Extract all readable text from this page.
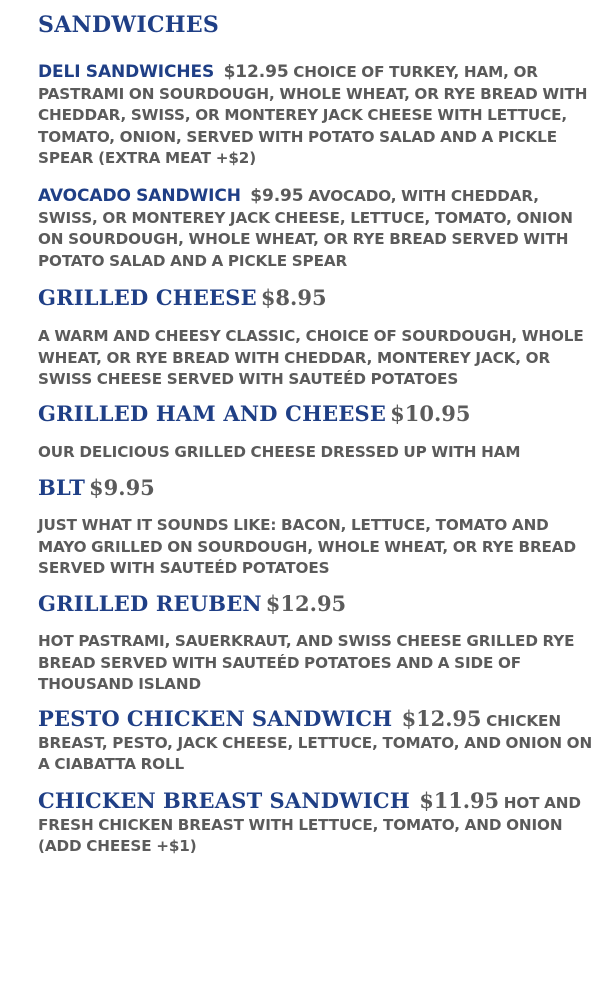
SANDWICHES

DELI SANDWICHES $12.95 CHOICE OF TURKEY, HAM, OR PASTRAMI ON SOURDOUGH, WHOLE WHEAT, OR RYE BREAD WITH CHEDDAR, SWISS, OR MONTEREY JACK CHEESE WITH LETTUCE, TOMATO, ONION, SERVED WITH POTATO SALAD AND A PICKLE SPEAR (EXTRA MEAT +$2)

AVOCADO SANDWICH $9.95 AVOCADO, WITH CHEDDAR, SWISS, OR MONTEREY JACK CHEESE, LETTUCE, TOMATO, ONION ON SOURDOUGH, WHOLE WHEAT, OR RYE BREAD SERVED WITH POTATO SALAD AND A PICKLE SPEAR

GRILLED CHEESE $8.95

A WARM AND CHEESY CLASSIC, CHOICE OF SOURDOUGH, WHOLE WHEAT, OR RYE BREAD WITH CHEDDAR, MONTEREY JACK, OR SWISS CHEESE SERVED WITH SAUTEÉD POTATOES

GRILLED HAM AND CHEESE $10.95

OUR DELICIOUS GRILLED CHEESE DRESSED UP WITH HAM

BLT $9.95

JUST WHAT IT SOUNDS LIKE: BACON, LETTUCE, TOMATO AND MAYO GRILLED ON SOURDOUGH, WHOLE WHEAT, OR RYE BREAD SERVED WITH SAUTEÉD POTATOES

GRILLED REUBEN $12.95

HOT PASTRAMI, SAUERKRAUT, AND SWISS CHEESE GRILLED RYE BREAD SERVED WITH SAUTEÉD POTATOES AND A SIDE OF THOUSAND ISLAND

PESTO CHICKEN SANDWICH $12.95 CHICKEN BREAST, PESTO, JACK CHEESE, LETTUCE, TOMATO, AND ONION ON A CIABATTA ROLL

CHICKEN BREAST SANDWICH $11.95 HOT AND FRESH CHICKEN BREAST WITH LETTUCE, TOMATO, AND ONION (ADD CHEESE +$1)
